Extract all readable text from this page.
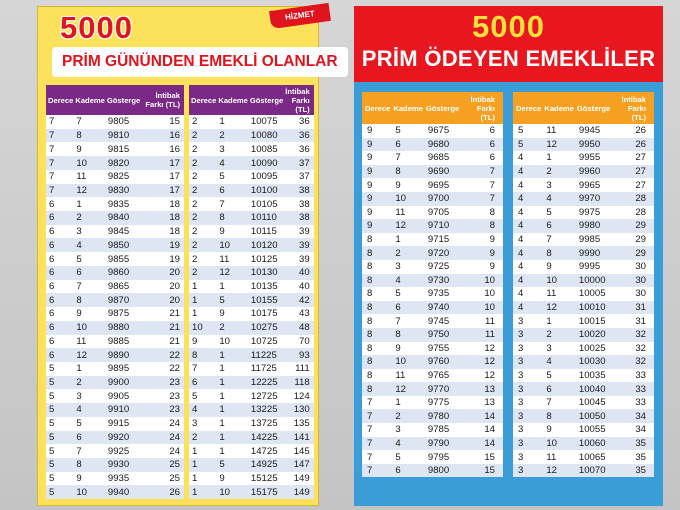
HİZMET
5000
PRİM GÜNÜNDEN EMEKLİ OLANLAR
Derece	Kademe	Gösterge	İntibak Farkı (TL)
7	7	9805	15
7	8	9810	16
7	9	9815	16
7	10	9820	17
7	11	9825	17
7	12	9830	17
6	1	9835	18
6	2	9840	18
6	3	9845	18
6	4	9850	19
6	5	9855	19
6	6	9860	20
6	7	9865	20
6	8	9870	20
6	9	9875	21
6	10	9880	21
6	11	9885	21
6	12	9890	22
5	1	9895	22
5	2	9900	23
5	3	9905	23
5	4	9910	23
5	5	9915	24
5	6	9920	24
5	7	9925	24
5	8	9930	25
5	9	9935	25
5	10	9940	26
Derece	Kademe	Gösterge	İntibak Farkı (TL)
2	1	10075	36
2	2	10080	36
2	3	10085	36
2	4	10090	37
2	5	10095	37
2	6	10100	38
2	7	10105	38
2	8	10110	38
2	9	10115	39
2	10	10120	39
2	11	10125	39
2	12	10130	40
1	1	10135	40
1	5	10155	42
1	9	10175	43
10	2	10275	48
9	10	10725	70
8	1	11225	93
7	1	11725	111
6	1	12225	118
5	1	12725	124
4	1	13225	130
3	1	13725	135
2	1	14225	141
1	1	14725	145
1	5	14925	147
1	9	15125	149
1	10	15175	149
5000
PRİM ÖDEYEN EMEKLİLER
Derece	Kademe	Gösterge	İntibak Farkı (TL)
9	5	9675	6
9	6	9680	6
9	7	9685	6
9	8	9690	7
9	9	9695	7
9	10	9700	7
9	11	9705	8
9	12	9710	8
8	1	9715	9
8	2	9720	9
8	3	9725	9
8	4	9730	10
8	5	9735	10
8	6	9740	10
8	7	9745	11
8	8	9750	11
8	9	9755	12
8	10	9760	12
8	11	9765	12
8	12	9770	13
7	1	9775	13
7	2	9780	14
7	3	9785	14
7	4	9790	14
7	5	9795	15
7	6	9800	15
Derece	Kademe	Gösterge	İntibak Farkı (TL)
5	11	9945	26
5	12	9950	26
4	1	9955	27
4	2	9960	27
4	3	9965	27
4	4	9970	28
4	5	9975	28
4	6	9980	29
4	7	9985	29
4	8	9990	29
4	9	9995	30
4	10	10000	30
4	11	10005	30
4	12	10010	31
3	1	10015	31
3	2	10020	32
3	3	10025	32
3	4	10030	32
3	5	10035	33
3	6	10040	33
3	7	10045	33
3	8	10050	34
3	9	10055	34
3	10	10060	35
3	11	10065	35
3	12	10070	35
